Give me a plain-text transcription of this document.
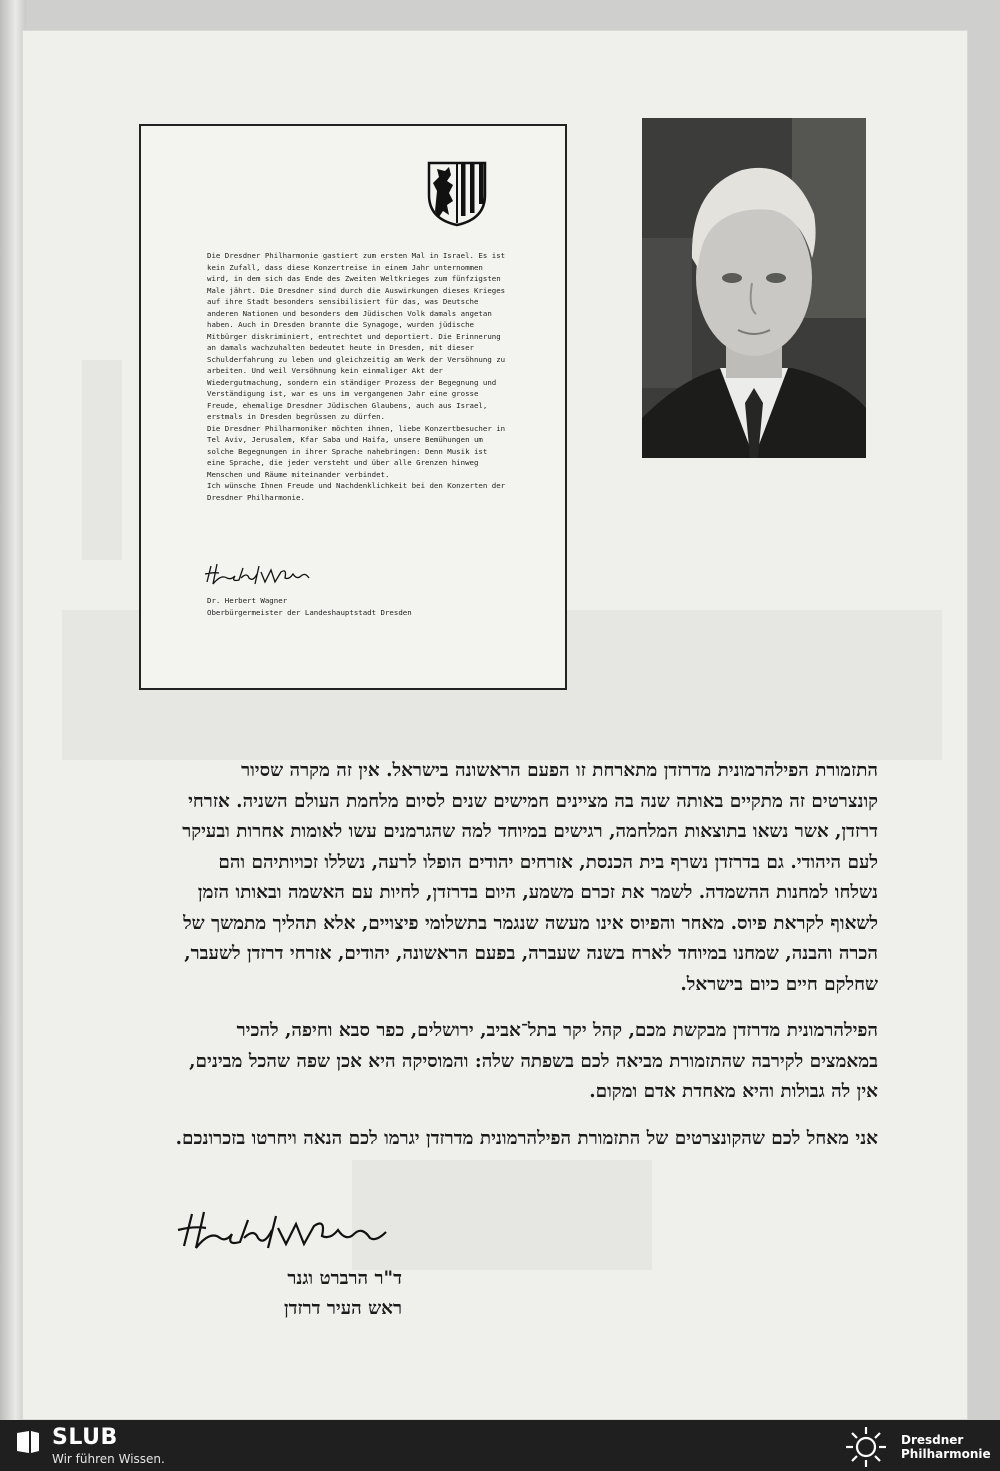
Die Dresdner Philharmonie gastiert zum ersten Mal in Israel. Es ist kein Zufall, dass diese Konzertreise in einem Jahr unternommen wird, in dem sich das Ende des Zweiten Weltkrieges zum fünfzigsten Male jährt. Die Dresdner sind durch die Auswirkungen dieses Krieges auf ihre Stadt besonders sensibilisiert für das, was Deutsche anderen Nationen und besonders dem Jüdischen Volk damals angetan haben. Auch in Dresden brannte die Synagoge, wurden jüdische Mitbürger diskriminiert, entrechtet und deportiert. Die Erinnerung an damals wachzuhalten bedeutet heute in Dresden, mit dieser Schulderfahrung zu leben und gleichzeitig am Werk der Versöhnung zu arbeiten. Und weil Versöhnung kein einmaliger Akt der Wiedergutmachung, sondern ein ständiger Prozess der Begegnung und Verständigung ist, war es uns im vergangenen Jahr eine grosse Freude, ehemalige Dresdner Jüdischen Glaubens, auch aus Israel, erstmals in Dresden begrüssen zu dürfen.

Die Dresdner Philharmoniker möchten ihnen, liebe Konzertbesucher in Tel Aviv, Jerusalem, Kfar Saba und Haifa, unsere Bemühungen um solche Begegnungen in ihrer Sprache nahebringen: Denn Musik ist eine Sprache, die jeder versteht und über alle Grenzen hinweg Menschen und Räume miteinander verbindet.

Ich wünsche Ihnen Freude und Nachdenklichkeit bei den Konzerten der Dresdner Philharmonie.

Dr. Herbert Wagner
Oberbürgermeister der Landeshauptstadt Dresden

התזמורת הפילהרמונית מדרזדן מתארחת זו הפעם הראשונה בישראל. אין זה מקרה שסיור קונצרטים זה מתקיים באותה שנה בה מציינים חמישים שנים לסיום מלחמת העולם השניה. אזרחי דרזדן, אשר נשאו בתוצאות המלחמה, רגישים במיוחד למה שהגרמנים עשו לאומות אחרות ובעיקר לעם היהודי. גם בדרזדן נשרף בית הכנסת, אזרחים יהודים הופלו לרעה, נשללו זכויותיהם והם נשלחו למחנות ההשמדה. לשמר את זכרם משמע, היום בדרזדן, לחיות עם האשמה ובאותו הזמן לשאוף לקראת פיוס. מאחר והפיוס אינו מעשה שנגמר בתשלומי פיצויים, אלא תהליך מתמשך של הכרה והבנה, שמחנו במיוחד לארח בשנה שעברה, בפעם הראשונה, יהודים, אזרחי דרזדן לשעבר, שחלקם חיים כיום בישראל.

הפילהרמונית מדרזדן מבקשת מכם, קהל יקר בתל־אביב, ירושלים, כפר סבא וחיפה, להכיר במאמצים לקירבה שהתזמורת מביאה לכם בשפתה שלה: והמוסיקה היא אכן שפה שהכל מבינים, אין לה גבולות והיא מאחדת אדם ומקום.

אני מאחל לכם שהקונצרטים של התזמורת הפילהרמונית מדרזדן יגרמו לכם הנאה ויחרטו בזכרונכם.

ד"ר הרברט וגנר
ראש העיר דרזדן
SLUB
Wir führen Wissen.
Dresdner
Philharmonie
